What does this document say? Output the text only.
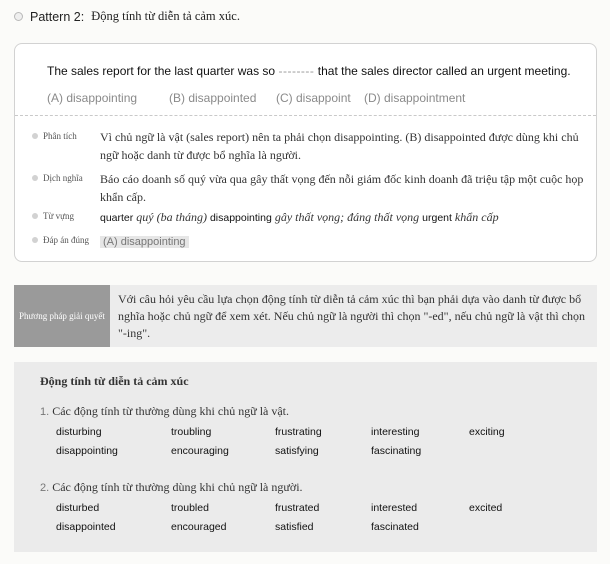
Pattern 2: Động tính từ diễn tả cảm xúc.
The sales report for the last quarter was so -------- that the sales director called an urgent meeting.
(A) disappointing	(B) disappointed (C) disappoint (D) disappointment
Phân tích Vì chủ ngữ là vật (sales report) nên ta phải chọn disappointing. (B) disappointed được dùng khi chủ ngữ hoặc danh từ được bổ nghĩa là người.
Dịch nghĩa Báo cáo doanh số quý vừa qua gây thất vọng đến nỗi giám đốc kinh doanh đã triệu tập một cuộc họp khẩn cấp.
Từ vựng quarter quý (ba tháng) disappointing gây thất vọng; đáng thất vọng urgent khẩn cấp
Đáp án đúng (A) disappointing
Phương pháp giải quyết
Với câu hỏi yêu cầu lựa chọn động tính từ diễn tả cảm xúc thì bạn phải dựa vào danh từ được bổ nghĩa hoặc chủ ngữ để xem xét. Nếu chủ ngữ là người thì chọn "-ed", nếu chủ ngữ là vật thì chọn "-ing".
Động tính từ diễn tả cảm xúc
1. Các động tính từ thường dùng khi chủ ngữ là vật.
disturbing	troubling	frustrating	interesting	exciting
disappointing	encouraging	satisfying	fascinating
2. Các động tính từ thường dùng khi chủ ngữ là người.
disturbed	troubled	frustrated	interested	excited
disappointed	encouraged	satisfied	fascinated
